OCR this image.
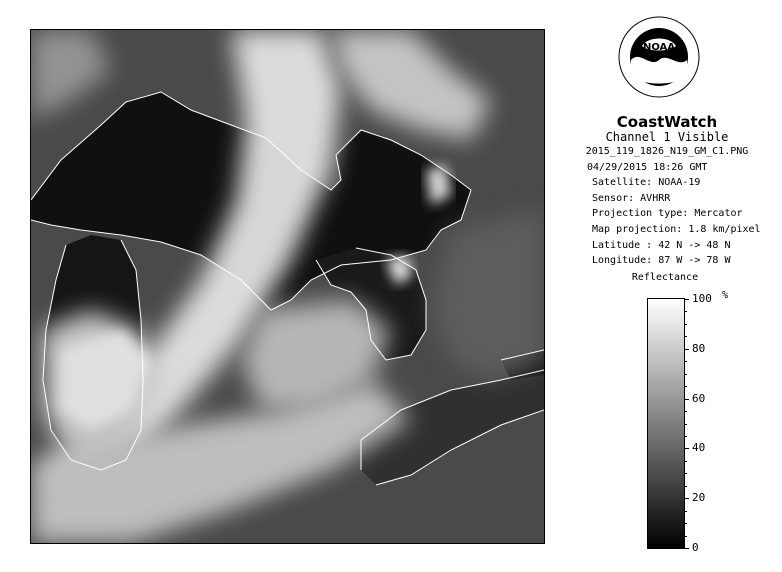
NOAA
CoastWatch
Channel 1 Visible
2015_119_1826_N19_GM_C1.PNG
04/29/2015 18:26 GMT
Satellite: NOAA-19
Sensor: AVHRR
Projection type: Mercator
Map projection: 1.8 km/pixel
Latitude : 42 N -> 48 N
Longitude: 87 W -> 78 W
Reflectance
%
100
80
60
40
20
0
